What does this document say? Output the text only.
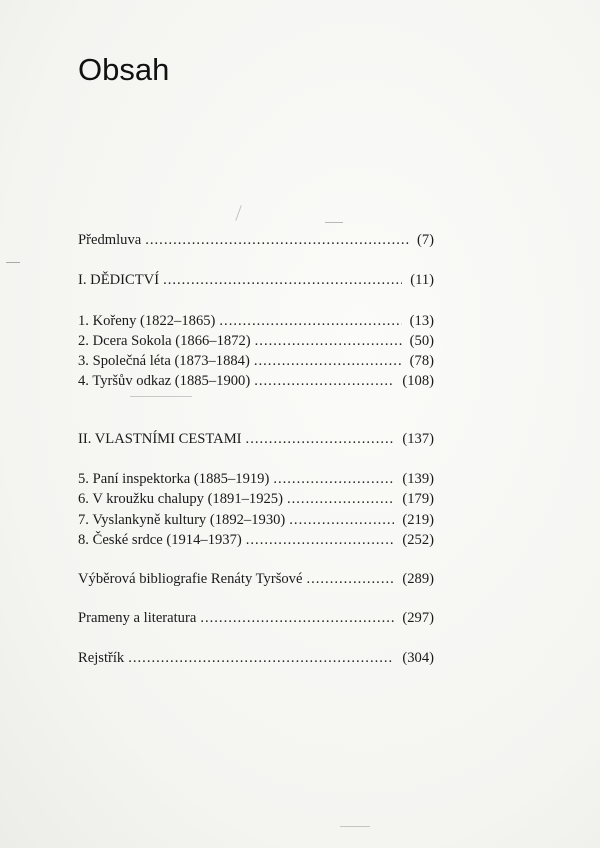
Obsah
Předmluva .....	(7)
I. DĚDICTVÍ .....	(11)
1. Kořeny (1822–1865) .....	(13)
2. Dcera Sokola (1866–1872) .....	(50)
3. Společná léta (1873–1884) .....	(78)
4. Tyršův odkaz (1885–1900) .....	(108)
II. VLASTNÍMI CESTAMI .....	(137)
5. Paní inspektorka (1885–1919) .....	(139)
6. V kroužku chalupy (1891–1925) .....	(179)
7. Vyslankyně kultury (1892–1930) .....	(219)
8. České srdce (1914–1937) .....	(252)
Výběrová bibliografie Renáty Tyršové .....	(289)
Prameny a literatura .....	(297)
Rejstřík .....	(304)
